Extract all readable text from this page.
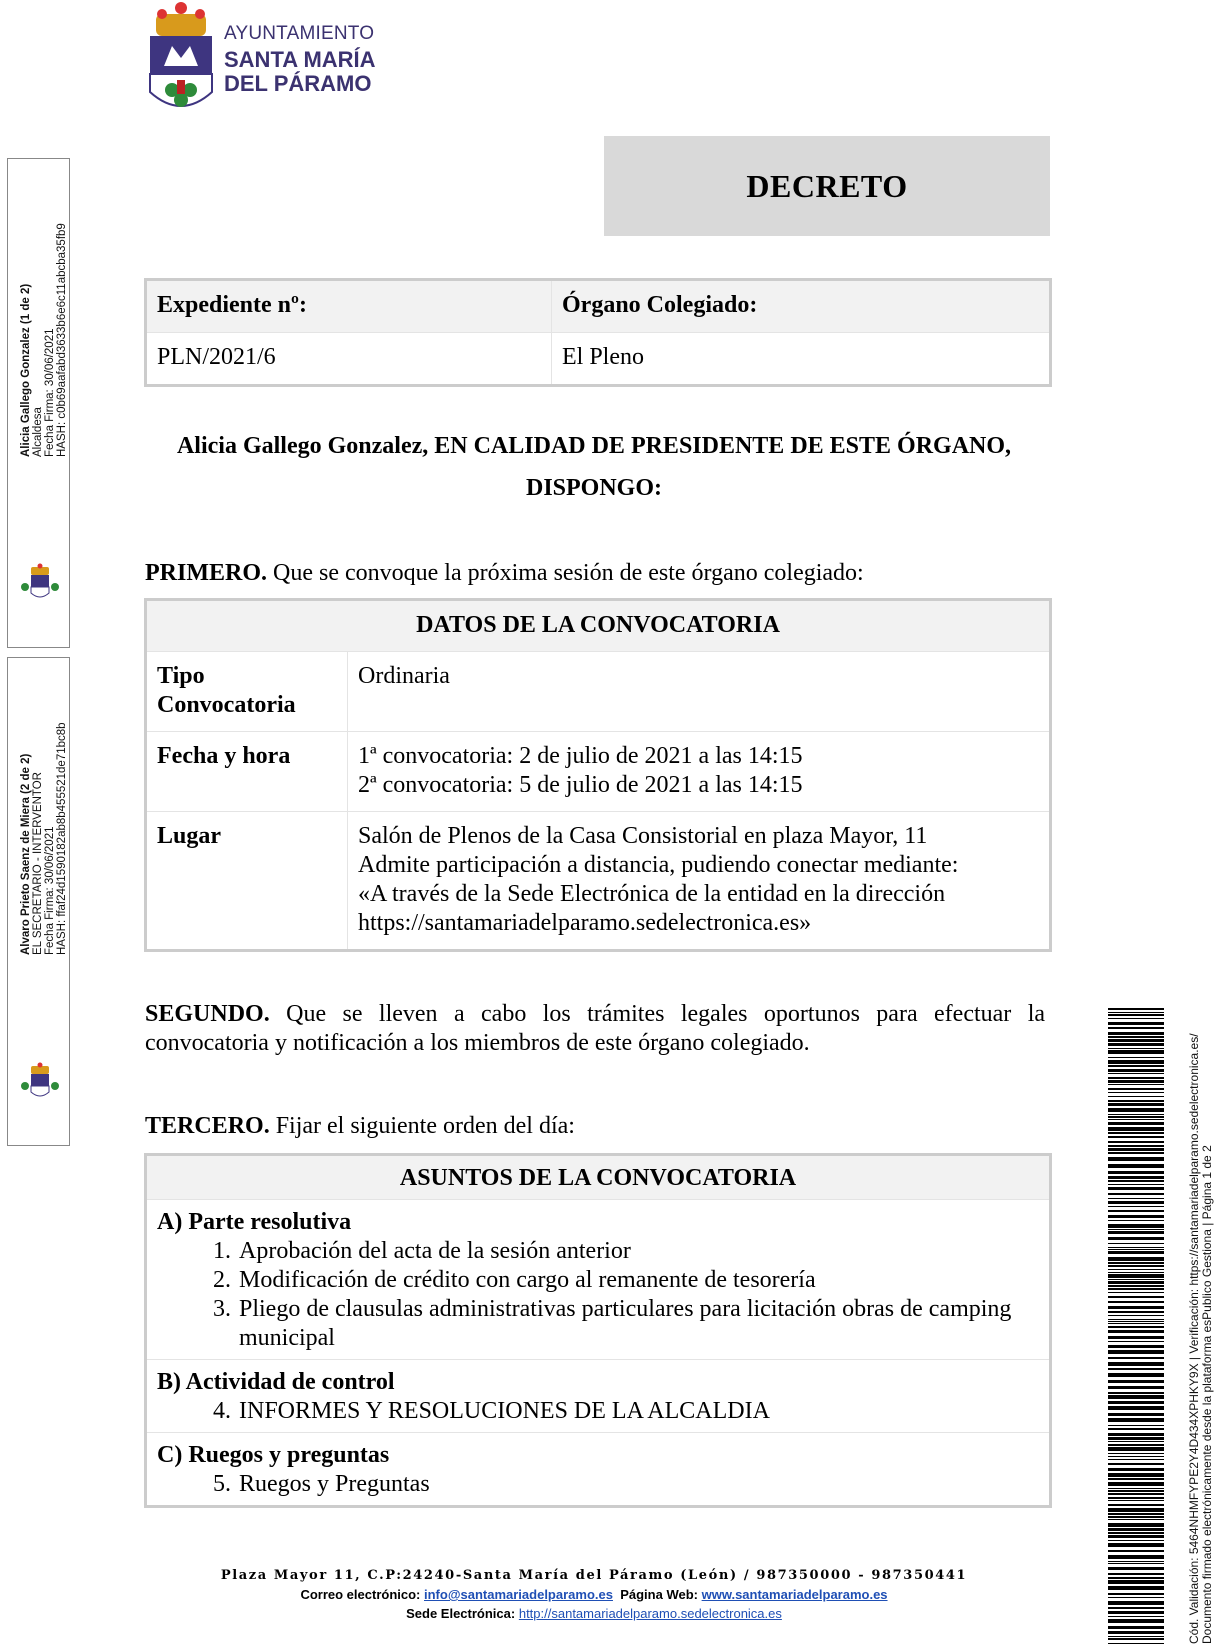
AYUNTAMIENTO
SANTA MARÍA
DEL PÁRAMO
DECRETO
Expediente nº:	Órgano Colegiado:
PLN/2021/6	El Pleno
Alicia Gallego Gonzalez, EN CALIDAD DE PRESIDENTE DE ESTE ÓRGANO,
DISPONGO:
PRIMERO. Que se convoque la próxima sesión de este órgano colegiado:
DATOS DE LA CONVOCATORIA	

Tipo
Convocatoria	Ordinaria

Fecha y hora	1ª convocatoria: 2 de julio de 2021 a las 14:15
2ª convocatoria: 5 de julio de 2021 a las 14:15

Lugar	Salón de Plenos de la Casa Consistorial en plaza Mayor, 11
Admite participación a distancia, pudiendo conectar mediante:
«A través de la Sede Electrónica de la entidad en la dirección
https://santamariadelparamo.sedelectronica.es»
SEGUNDO. Que se lleven a cabo los trámites legales oportunos para efectuar la convocatoria y notificación a los miembros de este órgano colegiado.
TERCERO. Fijar el siguiente orden del día:
ASUNTOS DE LA CONVOCATORIA

A) Parte resolutiva
1. Aprobación del acta de la sesión anterior
2. Modificación de crédito con cargo al remanente de tesorería
3. Pliego de clausulas administrativas particulares para licitación obras de camping municipal

B) Actividad de control
4. INFORMES Y RESOLUCIONES DE LA ALCALDIA

C) Ruegos y preguntas
5. Ruegos y Preguntas
Alicia Gallego Gonzalez (1 de 2) Alcaldesa Fecha Firma: 30/06/2021 HASH: c0b69aafabd3633b6e6c11abcba35fb9
Alvaro Prieto Saenz de Miera (2 de 2) EL SECRETARIO - INTERVENTOR Fecha Firma: 30/06/2021 HASH: ffaf24d1590182ab8b455521de71bc8b
Cód. Validación: 5464NHMFYPE2Y4D434XPHKY9X | Verificación: https://santamariadelparamo.sedelectronica.es/ Documento firmado electrónicamente desde la plataforma esPublico Gestiona | Página 1 de 2
Plaza Mayor 11, C.P:24240-Santa María del Páramo (León) / 987350000 - 987350441
Correo electrónico: info@santamariadelparamo.es Página Web: www.santamariadelparamo.es
Sede Electrónica: http://santamariadelparamo.sedelectronica.es
